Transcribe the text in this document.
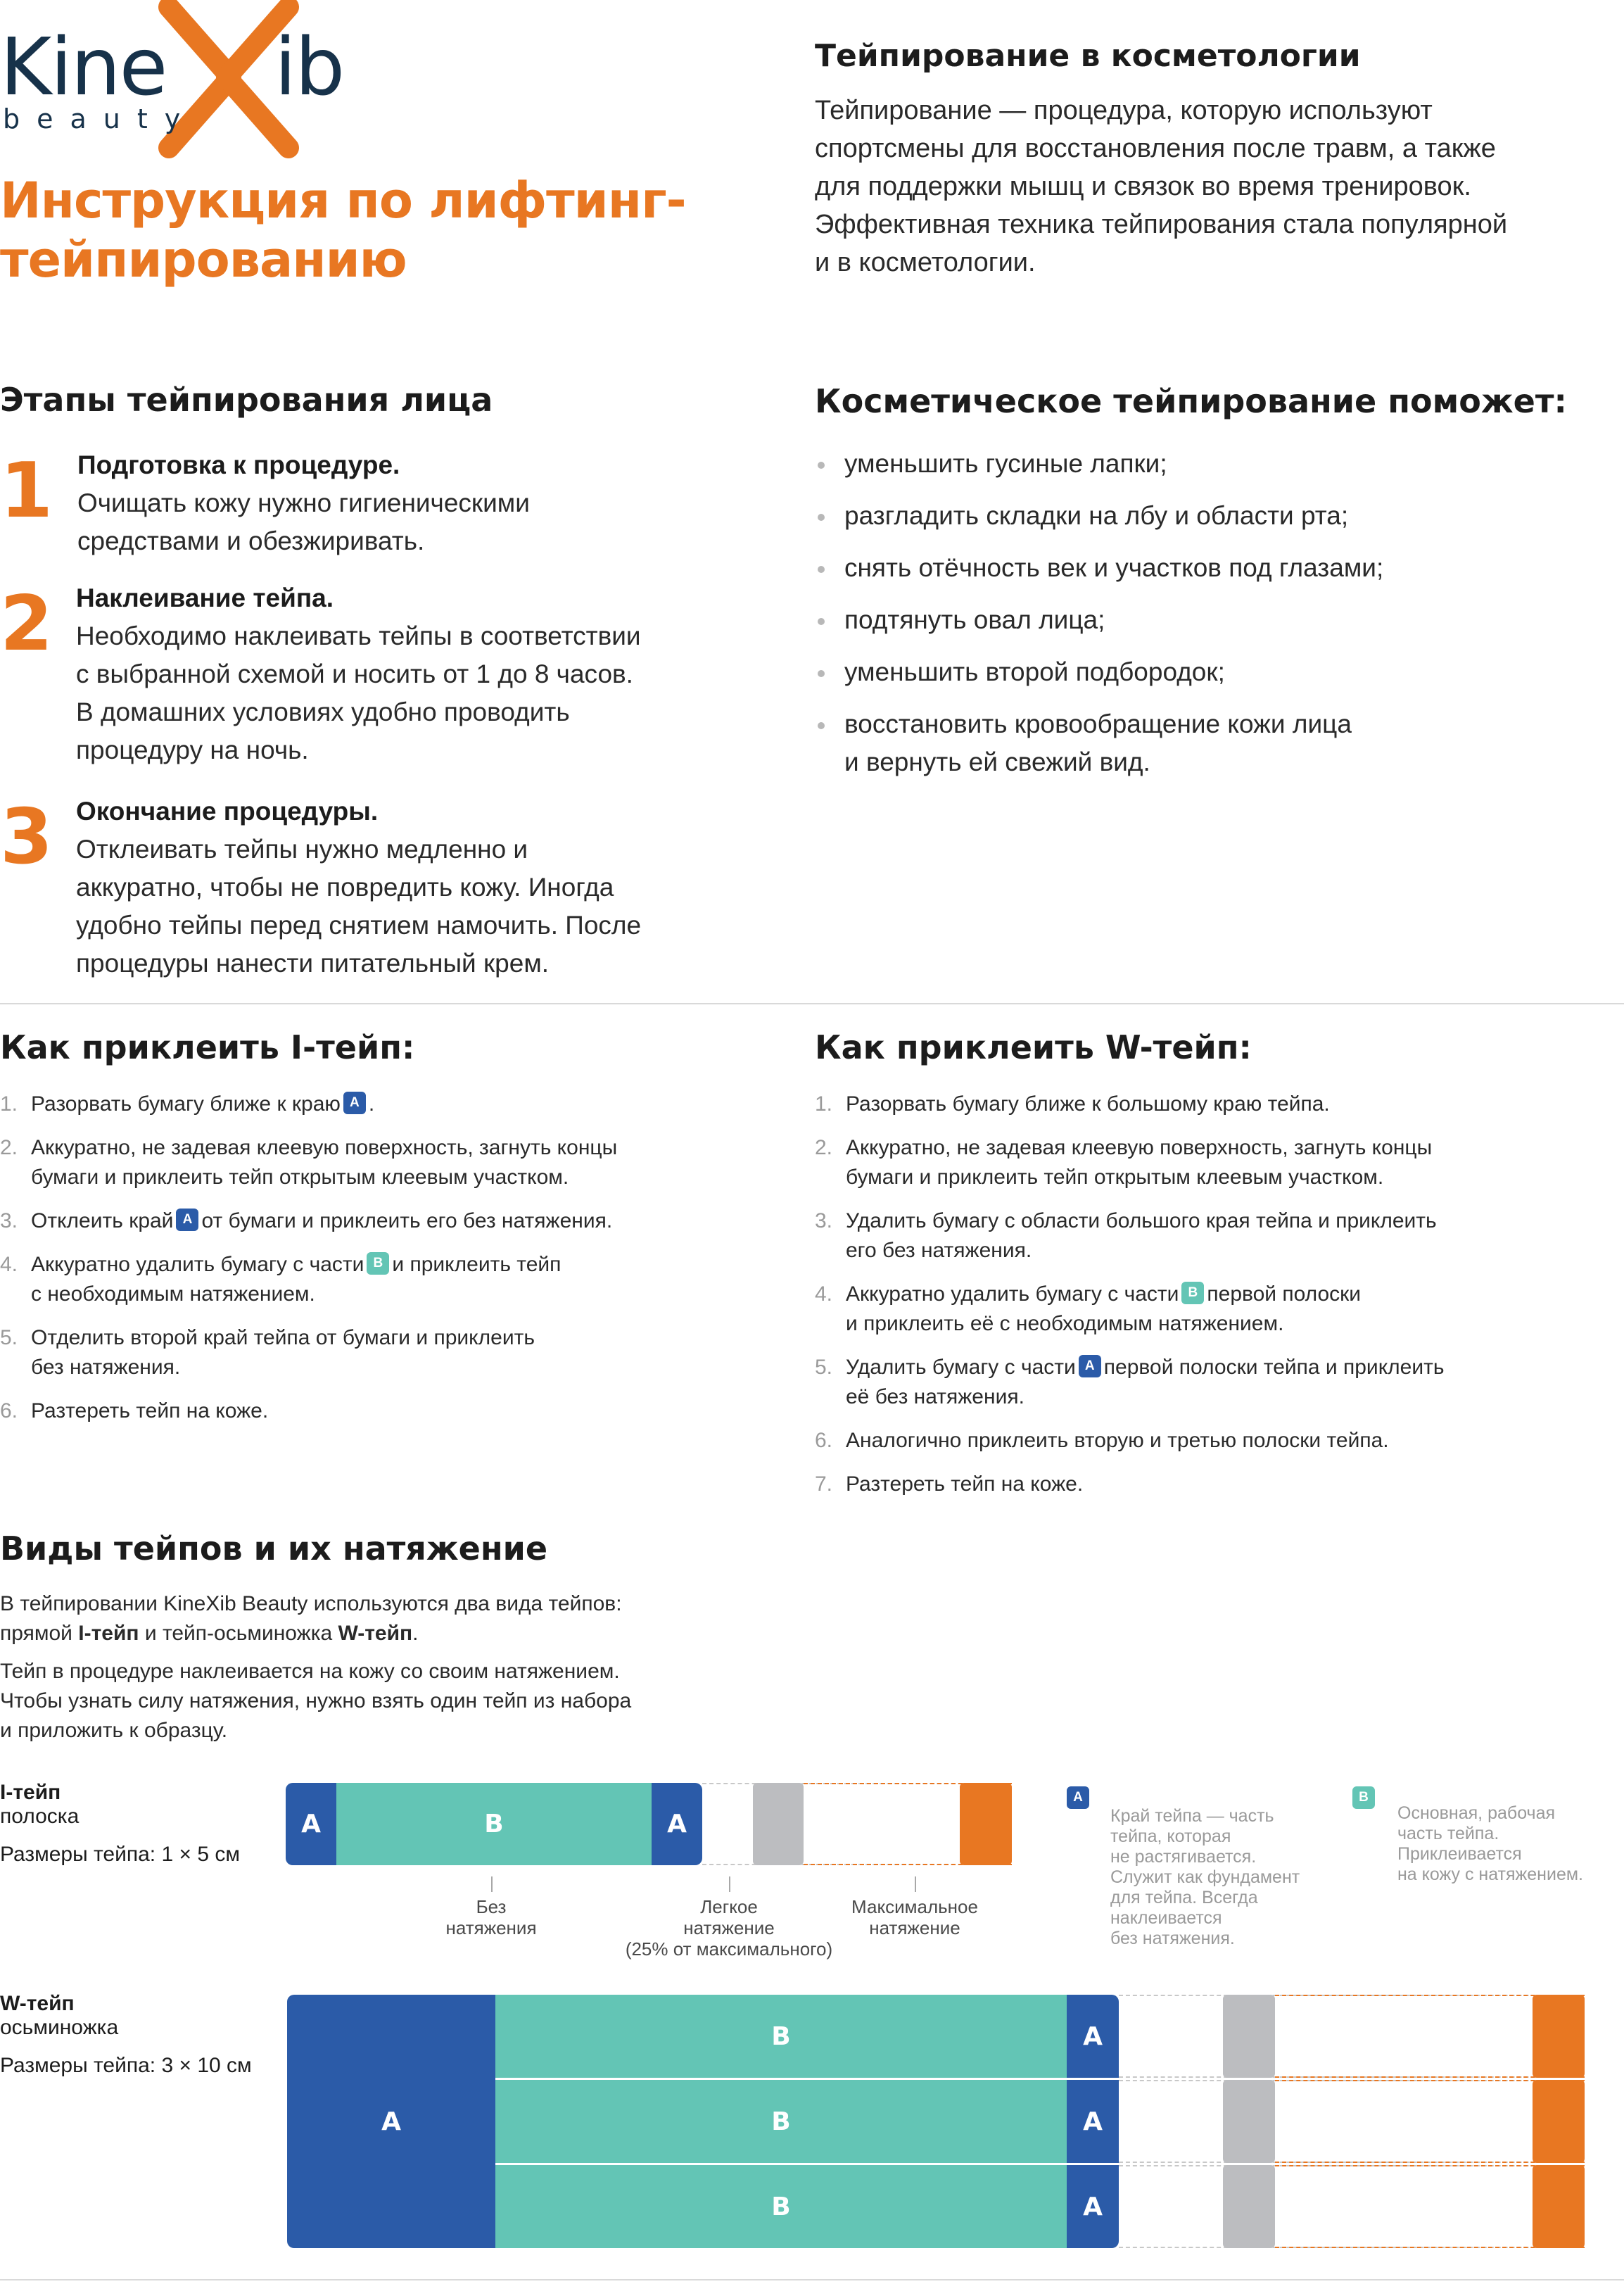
Kine ib
beauty
Инструкция по лифтинг-
тейпированию
Тейпирование в косметологии
Тейпирование — процедура, которую используют
спортсмены для восстановления после травм, а также
для поддержки мышц и связок во время тренировок.
Эффективная техника тейпирования стала популярной
и в косметологии.
Этапы тейпирования лица
1 Подготовка к процедуре.
Очищать кожу нужно гигиеническими
средствами и обезжиривать.
2 Наклеивание тейпа.
Необходимо наклеивать тейпы в соответствии
с выбранной схемой и носить от 1 до 8 часов.
В домашних условиях удобно проводить
процедуру на ночь.
3 Окончание процедуры.
Отклеивать тейпы нужно медленно и
аккуратно, чтобы не повредить кожу. Иногда
удобно тейпы перед снятием намочить. После
процедуры нанести питательный крем.
Косметическое тейпирование поможет:
уменьшить гусиные лапки;
разгладить складки на лбу и области рта;
снять отёчность век и участков под глазами;
подтянуть овал лица;
уменьшить второй подбородок;
восстановить кровообращение кожи лица
и вернуть ей свежий вид.
Как приклеить I-тейп:
1. Разорвать бумагу ближе к краю A .
2. Аккуратно, не задевая клеевую поверхность, загнуть концы
бумаги и приклеить тейп открытым клеевым участком.
3. Отклеить край A от бумаги и приклеить его без натяжения.
4. Аккуратно удалить бумагу с части B и приклеить тейп
с необходимым натяжением.
5. Отделить второй край тейпа от бумаги и приклеить
без натяжения.
6. Разтереть тейп на коже.
Как приклеить W-тейп:
1. Разорвать бумагу ближе к большому краю тейпа.
2. Аккуратно, не задевая клеевую поверхность, загнуть концы
бумаги и приклеить тейп открытым клеевым участком.
3. Удалить бумагу с области большого края тейпа и приклеить
его без натяжения.
4. Аккуратно удалить бумагу с части B первой полоски
и приклеить её с необходимым натяжением.
5. Удалить бумагу с части A первой полоски тейпа и приклеить
её без натяжения.
6. Аналогично приклеить вторую и третью полоски тейпа.
7. Разтереть тейп на коже.
Виды тейпов и их натяжение
В тейпировании KineXib Beauty используются два вида тейпов:
прямой I-тейп и тейп-осьминожка W-тейп.
Тейп в процедуре наклеивается на кожу со своим натяжением.
Чтобы узнать силу натяжения, нужно взять один тейп из набора
и приложить к образцу.
I-тейп
полоска
Размеры тейпа: 1 × 5 см
A	B	A
Без
натяжения
Легкое
натяжение
(25% от максимального)
Максимальное
натяжение
A
Край тейпа — часть
тейпа, которая
не растягивается.
Служит как фундамент
для тейпа. Всегда
наклеивается
без натяжения.
B
Основная, рабочая
часть тейпа.
Приклеивается
на кожу с натяжением.
W-тейп
осьминожка
Размеры тейпа: 3 × 10 см
A
B	A
B	A
B	A
